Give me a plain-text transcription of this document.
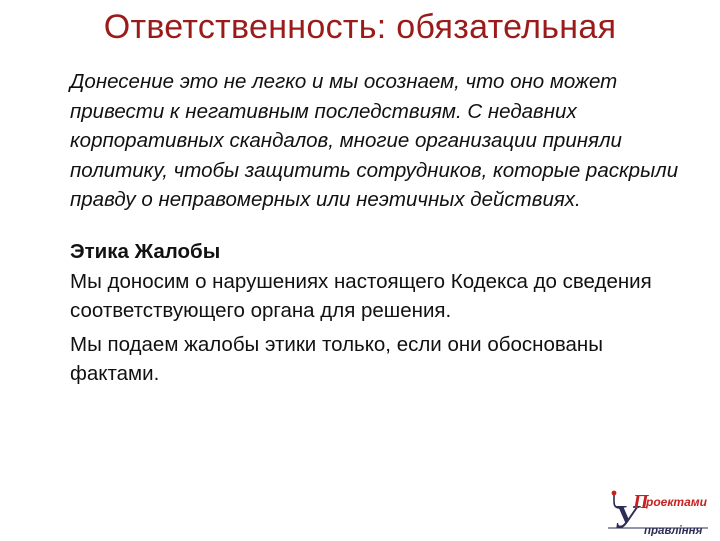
Ответственность: обязательная

Донесение это не легко и мы осознаем, что оно может привести к негативным последствиям. С недавних корпоративных скандалов, многие организации приняли политику, чтобы защитить сотрудников, которые раскрыли правду о неправомерных или неэтичных действиях.

Этика Жалобы

Мы доносим о нарушениях настоящего Кодекса до сведения соответствующего органа для решения.

Мы подаем жалобы этики только, если они обоснованы фактами.

У
П
роектами
правління
